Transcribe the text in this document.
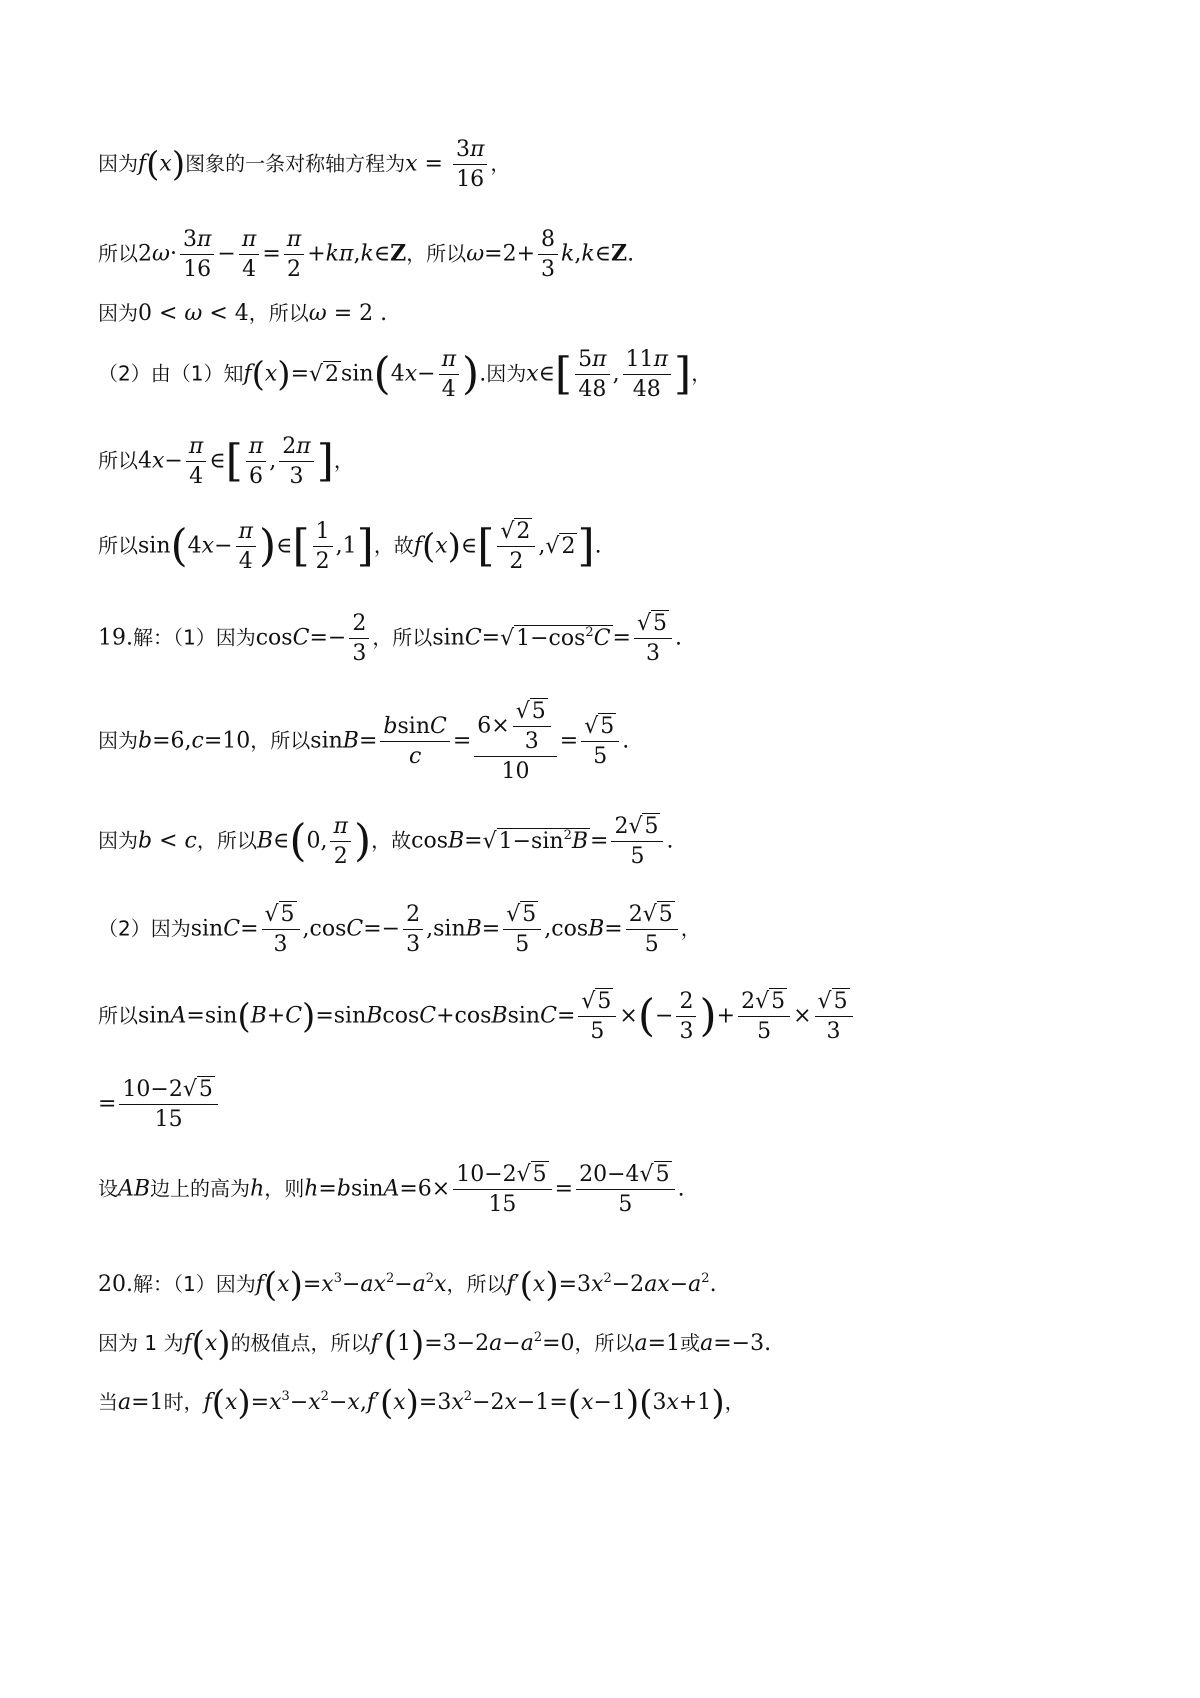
因为f(x)图象的一条对称轴方程为$x = \frac{3\pi}{16}$ ，
所以$2\omega\cdot \frac{3\pi}{16} - \frac{\pi}{4} = \frac{\pi}{2}$ +kπ,k∈Z，所以$\omega=2+ \frac{8}{3}$ k,k∈Z.
因为0 < ω < 4，所以ω = 2 .
（2）由（1）知$f(x)=√2\sin(4x- \frac{\pi}{4}$ ).因为x∈[ $\frac{5\pi}{48}$ , $\frac{11\pi}{48}$ ]，
所以$4x- \frac{\pi}{4}$ ∈[ $\frac{\pi}{6}$ , $\frac{2\pi}{3}$ ]，
所以$\sin(4x- \frac{\pi}{4}$ )∈[ $\frac{1}{2} ,1$]，故f(x)∈[ $\frac{√2}{2} ,√2$].
19.解：（1）因为$\cos C=- \frac{2}{3}$ ，所以$\sin C=√1-\cos^2C= \frac{√5}{3}$ .
因为b=6,c=10，所以$\sin B= \frac{bsinC}{c} = \frac{6\times \frac{√5}{3}}{10} = \frac{√5}{5}$ .
因为b < c，所以B∈(0, $\frac{\pi}{2}$ )，故$\cos B=√1-\sin^2B= \frac{2√5}{5}$ .
（2）因为$\sin C= \frac{√5}{3} ,\cos C=- \frac{2}{3} ,\sin B= \frac{√5}{5} ,\cos B= \frac{2√5}{5}$ ，
所以sinA=sin(B+C)=sinBcosC+cosBsinC= $\frac{√5}{5}$ ×(− $\frac{2}{3}$ )+ $\frac{2√5}{5} \times \frac{√5}{3}$
= $\frac{10-2√5}{15}$
设AB边上的高为h，则$h=bsinA=6\times \frac{10-2√5}{15} = \frac{20-4√5}{5}$ .
20.解：（1）因为$f(x)=x^3-ax^2-a^2x$，所以$f'(x)=3x^2-2ax-a^2$.
因为 1 为f(x)的极值点，所以$f'(1)=3-2a-a^2=0$，所以a=1或a=−3.
当a=1时，$f(x)=x^3-x^2-x,f'(x)=3x^2-2x-1=(x-1)(3x+1)$，
